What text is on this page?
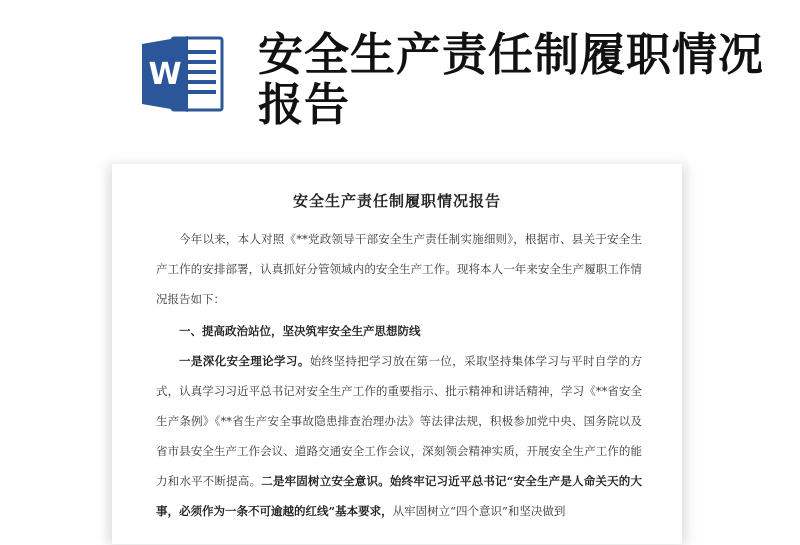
W 安全生产责任制履职情况报告
安全生产责任制履职情况报告

今年以来，本人对照《**党政领导干部安全生产责任制实施细则》，根据市、县关于安全生产工作的安排部署，认真抓好分管领域内的安全生产工作。现将本人一年来安全生产履职工作情况报告如下：

一、提高政治站位，坚决筑牢安全生产思想防线

一是深化安全理论学习。始终坚持把学习放在第一位，采取坚持集体学习与平时自学的方式，认真学习习近平总书记对安全生产工作的重要指示、批示精神和讲话精神，学习《**省安全生产条例》《**省生产安全事故隐患排查治理办法》等法律法规，积极参加党中央、国务院以及省市县安全生产工作会议、道路交通安全工作会议，深刻领会精神实质，开展安全生产工作的能力和水平不断提高。二是牢固树立安全意识。始终牢记习近平总书记“安全生产是人命关天的大事，必须作为一条不可逾越的红线”基本要求，从牢固树立“四个意识”和坚决做到
